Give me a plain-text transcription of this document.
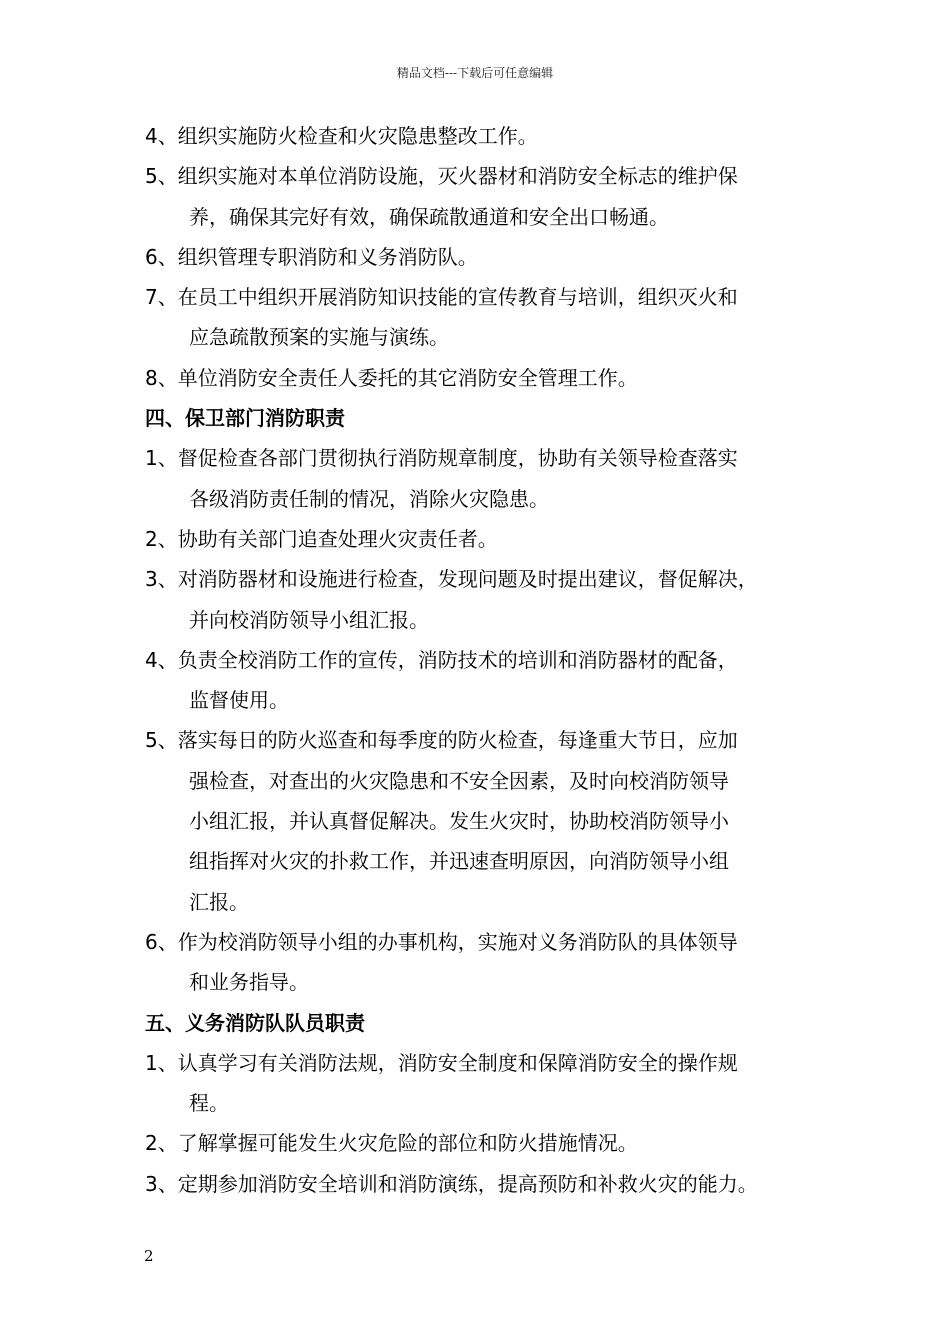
精品文档---下载后可任意编辑
4、组织实施防火检查和火灾隐患整改工作。
5、组织实施对本单位消防设施，灭火器材和消防安全标志的维护保
养，确保其完好有效，确保疏散通道和安全出口畅通。
6、组织管理专职消防和义务消防队。
7、在员工中组织开展消防知识技能的宣传教育与培训，组织灭火和
应急疏散预案的实施与演练。
8、单位消防安全责任人委托的其它消防安全管理工作。
四、保卫部门消防职责
1、督促检查各部门贯彻执行消防规章制度，协助有关领导检查落实
各级消防责任制的情况，消除火灾隐患。
2、协助有关部门追查处理火灾责任者。
3、对消防器材和设施进行检查，发现问题及时提出建议，督促解决，
并向校消防领导小组汇报。
4、负责全校消防工作的宣传，消防技术的培训和消防器材的配备，
监督使用。
5、落实每日的防火巡查和每季度的防火检查，每逢重大节日，应加
强检查，对查出的火灾隐患和不安全因素，及时向校消防领导
小组汇报，并认真督促解决。发生火灾时，协助校消防领导小
组指挥对火灾的扑救工作，并迅速查明原因，向消防领导小组
汇报。
6、作为校消防领导小组的办事机构，实施对义务消防队的具体领导
和业务指导。
五、义务消防队队员职责
1、认真学习有关消防法规，消防安全制度和保障消防安全的操作规
程。
2、了解掌握可能发生火灾危险的部位和防火措施情况。
3、定期参加消防安全培训和消防演练，提高预防和补救火灾的能力。
2
